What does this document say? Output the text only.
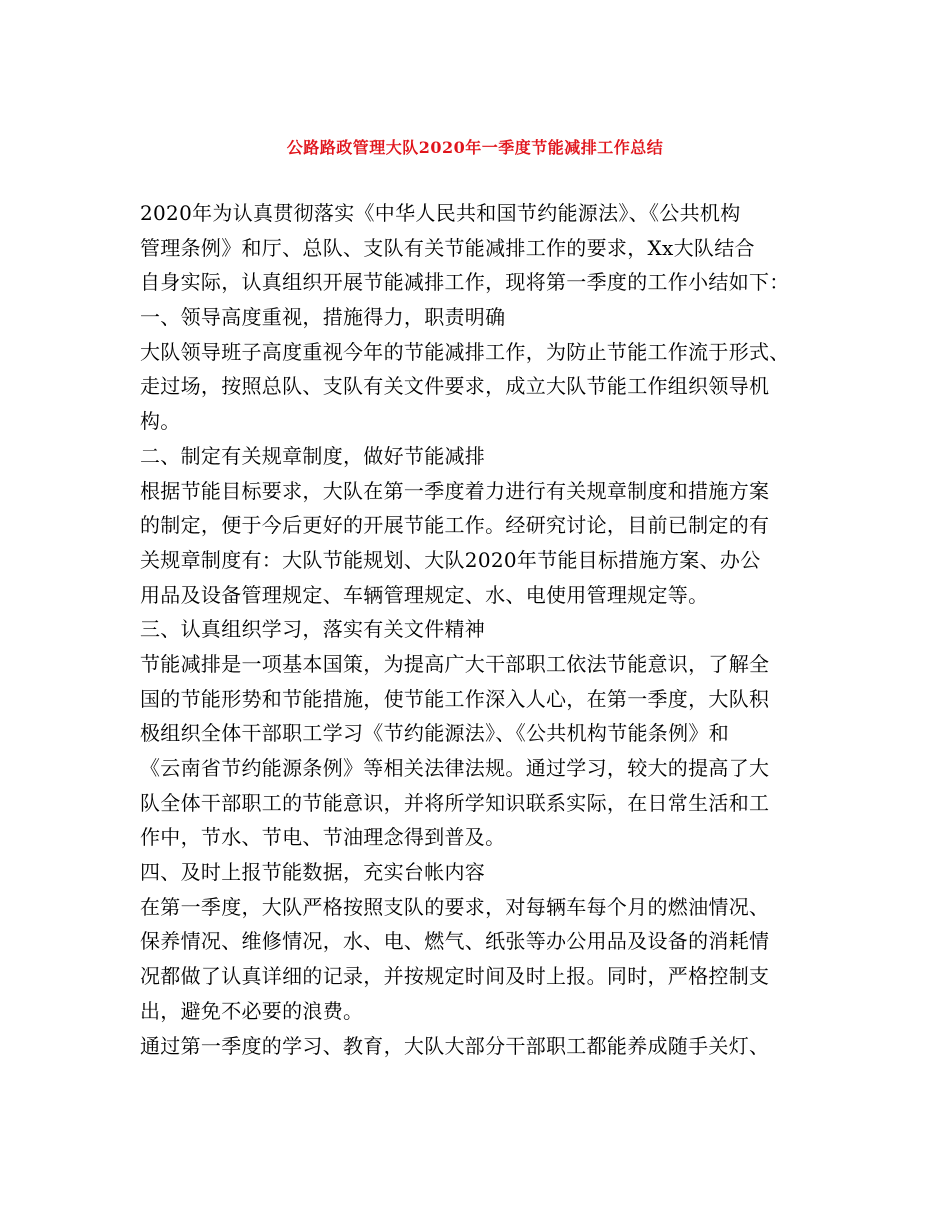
公路路政管理大队2020年一季度节能减排工作总结
2020年为认真贯彻落实《中华人民共和国节约能源法》、《公共机构
管理条例》和厅、总队、支队有关节能减排工作的要求，Xx大队结合
自身实际，认真组织开展节能减排工作，现将第一季度的工作小结如下：
一、领导高度重视，措施得力，职责明确
大队领导班子高度重视今年的节能减排工作，为防止节能工作流于形式、
走过场，按照总队、支队有关文件要求，成立大队节能工作组织领导机
构。
二、制定有关规章制度，做好节能减排
根据节能目标要求，大队在第一季度着力进行有关规章制度和措施方案
的制定，便于今后更好的开展节能工作。经研究讨论，目前已制定的有
关规章制度有：大队节能规划、大队2020年节能目标措施方案、办公
用品及设备管理规定、车辆管理规定、水、电使用管理规定等。
三、认真组织学习，落实有关文件精神
节能减排是一项基本国策，为提高广大干部职工依法节能意识，了解全
国的节能形势和节能措施，使节能工作深入人心，在第一季度，大队积
极组织全体干部职工学习《节约能源法》、《公共机构节能条例》和
《云南省节约能源条例》等相关法律法规。通过学习，较大的提高了大
队全体干部职工的节能意识，并将所学知识联系实际，在日常生活和工
作中，节水、节电、节油理念得到普及。
四、及时上报节能数据，充实台帐内容
在第一季度，大队严格按照支队的要求，对每辆车每个月的燃油情况、
保养情况、维修情况，水、电、燃气、纸张等办公用品及设备的消耗情
况都做了认真详细的记录，并按规定时间及时上报。同时，严格控制支
出，避免不必要的浪费。
通过第一季度的学习、教育，大队大部分干部职工都能养成随手关灯、
